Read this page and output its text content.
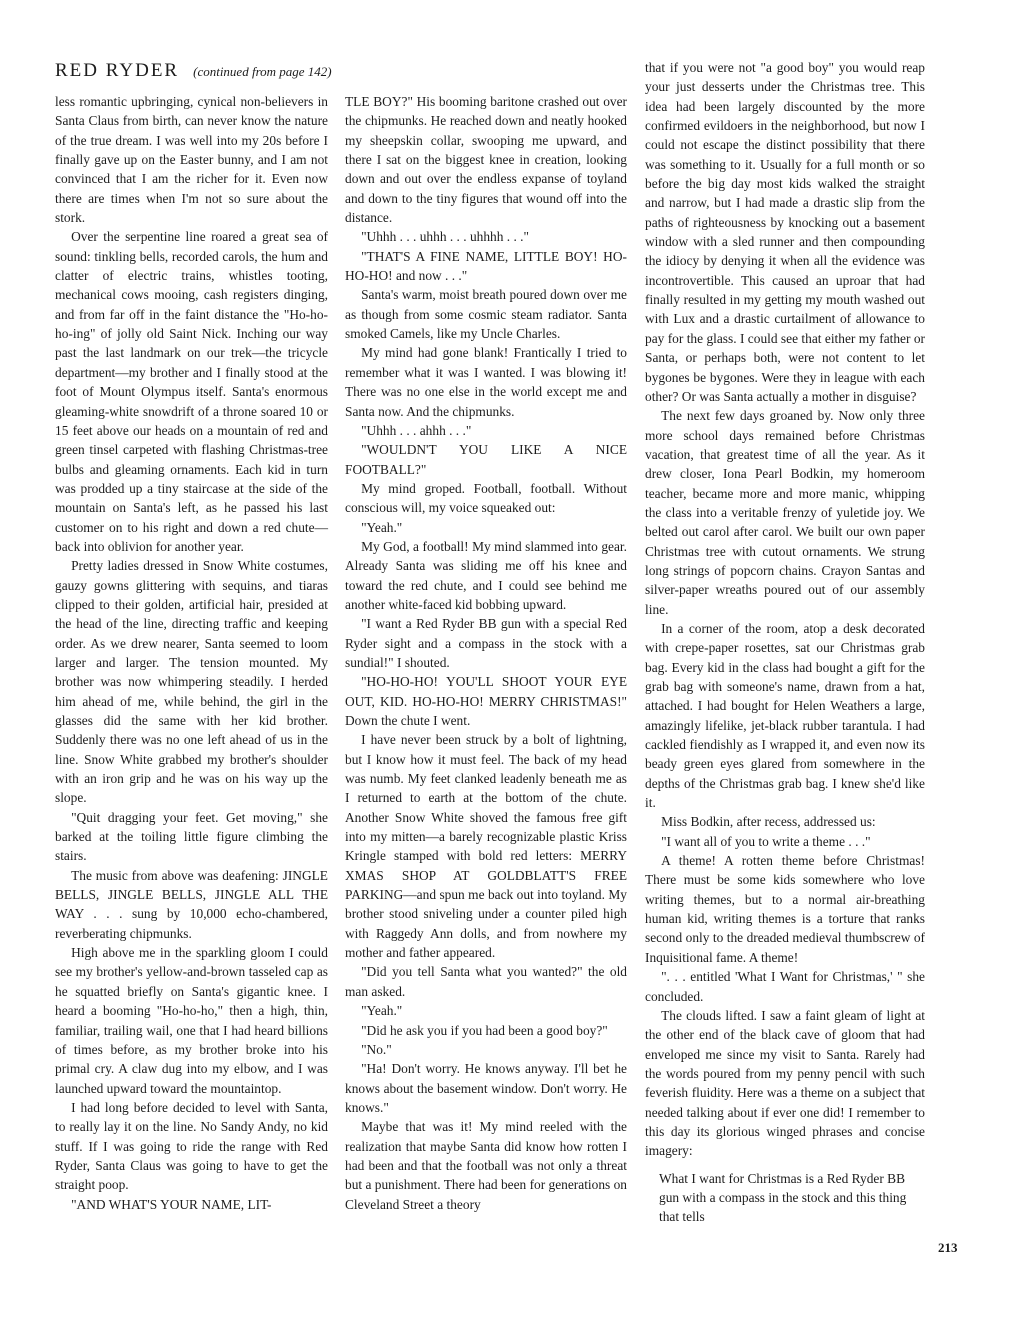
RED RYDER (continued from page 142)

less romantic upbringing, cynical non-believers in Santa Claus from birth, can never know the nature of the true dream. I was well into my 20s before I finally gave up on the Easter bunny, and I am not convinced that I am the richer for it. Even now there are times when I'm not so sure about the stork.

Over the serpentine line roared a great sea of sound: tinkling bells, recorded carols, the hum and clatter of electric trains, whistles tooting, mechanical cows mooing, cash registers dinging, and from far off in the faint distance the "Ho-ho-ho-ing" of jolly old Saint Nick. Inching our way past the last landmark on our trek—the tricycle department—my brother and I finally stood at the foot of Mount Olympus itself. Santa's enormous gleaming-white snowdrift of a throne soared 10 or 15 feet above our heads on a mountain of red and green tinsel carpeted with flashing Christmas-tree bulbs and gleaming ornaments. Each kid in turn was prodded up a tiny staircase at the side of the mountain on Santa's left, as he passed his last customer on to his right and down a red chute—back into oblivion for another year.

Pretty ladies dressed in Snow White costumes, gauzy gowns glittering with sequins, and tiaras clipped to their golden, artificial hair, presided at the head of the line, directing traffic and keeping order. As we drew nearer, Santa seemed to loom larger and larger. The tension mounted. My brother was now whimpering steadily. I herded him ahead of me, while behind, the girl in the glasses did the same with her kid brother. Suddenly there was no one left ahead of us in the line. Snow White grabbed my brother's shoulder with an iron grip and he was on his way up the slope.

"Quit dragging your feet. Get moving," she barked at the toiling little figure climbing the stairs.

The music from above was deafening: JINGLE BELLS, JINGLE BELLS, JINGLE ALL THE WAY . . . sung by 10,000 echo-chambered, reverberating chipmunks.

High above me in the sparkling gloom I could see my brother's yellow-and-brown tasseled cap as he squatted briefly on Santa's gigantic knee. I heard a booming "Ho-ho-ho," then a high, thin, familiar, trailing wail, one that I had heard billions of times before, as my brother broke into his primal cry. A claw dug into my elbow, and I was launched upward toward the mountaintop.

I had long before decided to level with Santa, to really lay it on the line. No Sandy Andy, no kid stuff. If I was going to ride the range with Red Ryder, Santa Claus was going to have to get the straight poop.

"AND WHAT'S YOUR NAME, LIT-

TLE BOY?" His booming baritone crashed out over the chipmunks. He reached down and neatly hooked my sheepskin collar, swooping me upward, and there I sat on the biggest knee in creation, looking down and out over the endless expanse of toyland and down to the tiny figures that wound off into the distance.

"Uhhh . . . uhhh . . . uhhhh . . ."

"THAT'S A FINE NAME, LITTLE BOY! HO-HO-HO! and now . . ."

Santa's warm, moist breath poured down over me as though from some cosmic steam radiator. Santa smoked Camels, like my Uncle Charles.

My mind had gone blank! Frantically I tried to remember what it was I wanted. I was blowing it! There was no one else in the world except me and Santa now. And the chipmunks.

"Uhhh . . . ahhh . . ."

"WOULDN'T YOU LIKE A NICE FOOTBALL?"

My mind groped. Football, football. Without conscious will, my voice squeaked out:

"Yeah."

My God, a football! My mind slammed into gear. Already Santa was sliding me off his knee and toward the red chute, and I could see behind me another white-faced kid bobbing upward.

"I want a Red Ryder BB gun with a special Red Ryder sight and a compass in the stock with a sundial!" I shouted.

"HO-HO-HO! YOU'LL SHOOT YOUR EYE OUT, KID. HO-HO-HO! MERRY CHRISTMAS!" Down the chute I went.

I have never been struck by a bolt of lightning, but I know how it must feel. The back of my head was numb. My feet clanked leadenly beneath me as I returned to earth at the bottom of the chute. Another Snow White shoved the famous free gift into my mitten—a barely recognizable plastic Kriss Kringle stamped with bold red letters: MERRY XMAS SHOP AT GOLDBLATT'S FREE PARKING—and spun me back out into toyland. My brother stood sniveling under a counter piled high with Raggedy Ann dolls, and from nowhere my mother and father appeared.

"Did you tell Santa what you wanted?" the old man asked.

"Yeah."

"Did he ask you if you had been a good boy?"

"No."

"Ha! Don't worry. He knows anyway. I'll bet he knows about the basement window. Don't worry. He knows."

Maybe that was it! My mind reeled with the realization that maybe Santa did know how rotten I had been and that the football was not only a threat but a punishment. There had been for generations on Cleveland Street a theory

that if you were not "a good boy" you would reap your just desserts under the Christmas tree. This idea had been largely discounted by the more confirmed evildoers in the neighborhood, but now I could not escape the distinct possibility that there was something to it. Usually for a full month or so before the big day most kids walked the straight and narrow, but I had made a drastic slip from the paths of righteousness by knocking out a basement window with a sled runner and then compounding the idiocy by denying it when all the evidence was incontrovertible. This caused an uproar that had finally resulted in my getting my mouth washed out with Lux and a drastic curtailment of allowance to pay for the glass. I could see that either my father or Santa, or perhaps both, were not content to let bygones be bygones. Were they in league with each other? Or was Santa actually a mother in disguise?

The next few days groaned by. Now only three more school days remained before Christmas vacation, that greatest time of all the year. As it drew closer, Iona Pearl Bodkin, my homeroom teacher, became more and more manic, whipping the class into a veritable frenzy of yuletide joy. We belted out carol after carol. We built our own paper Christmas tree with cutout ornaments. We strung long strings of popcorn chains. Crayon Santas and silver-paper wreaths poured out of our assembly line.

In a corner of the room, atop a desk decorated with crepe-paper rosettes, sat our Christmas grab bag. Every kid in the class had bought a gift for the grab bag with someone's name, drawn from a hat, attached. I had bought for Helen Weathers a large, amazingly lifelike, jet-black rubber tarantula. I had cackled fiendishly as I wrapped it, and even now its beady green eyes glared from somewhere in the depths of the Christmas grab bag. I knew she'd like it.

Miss Bodkin, after recess, addressed us:

"I want all of you to write a theme . . ."

A theme! A rotten theme before Christmas! There must be some kids somewhere who love writing themes, but to a normal air-breathing human kid, writing themes is a torture that ranks second only to the dreaded medieval thumbscrew of Inquisitional fame. A theme!

". . . entitled 'What I Want for Christmas,' " she concluded.

The clouds lifted. I saw a faint gleam of light at the other end of the black cave of gloom that had enveloped me since my visit to Santa. Rarely had the words poured from my penny pencil with such feverish fluidity. Here was a theme on a subject that needed talking about if ever one did! I remember to this day its glorious winged phrases and concise imagery:

What I want for Christmas is a Red Ryder BB gun with a compass in the stock and this thing that tells

213
